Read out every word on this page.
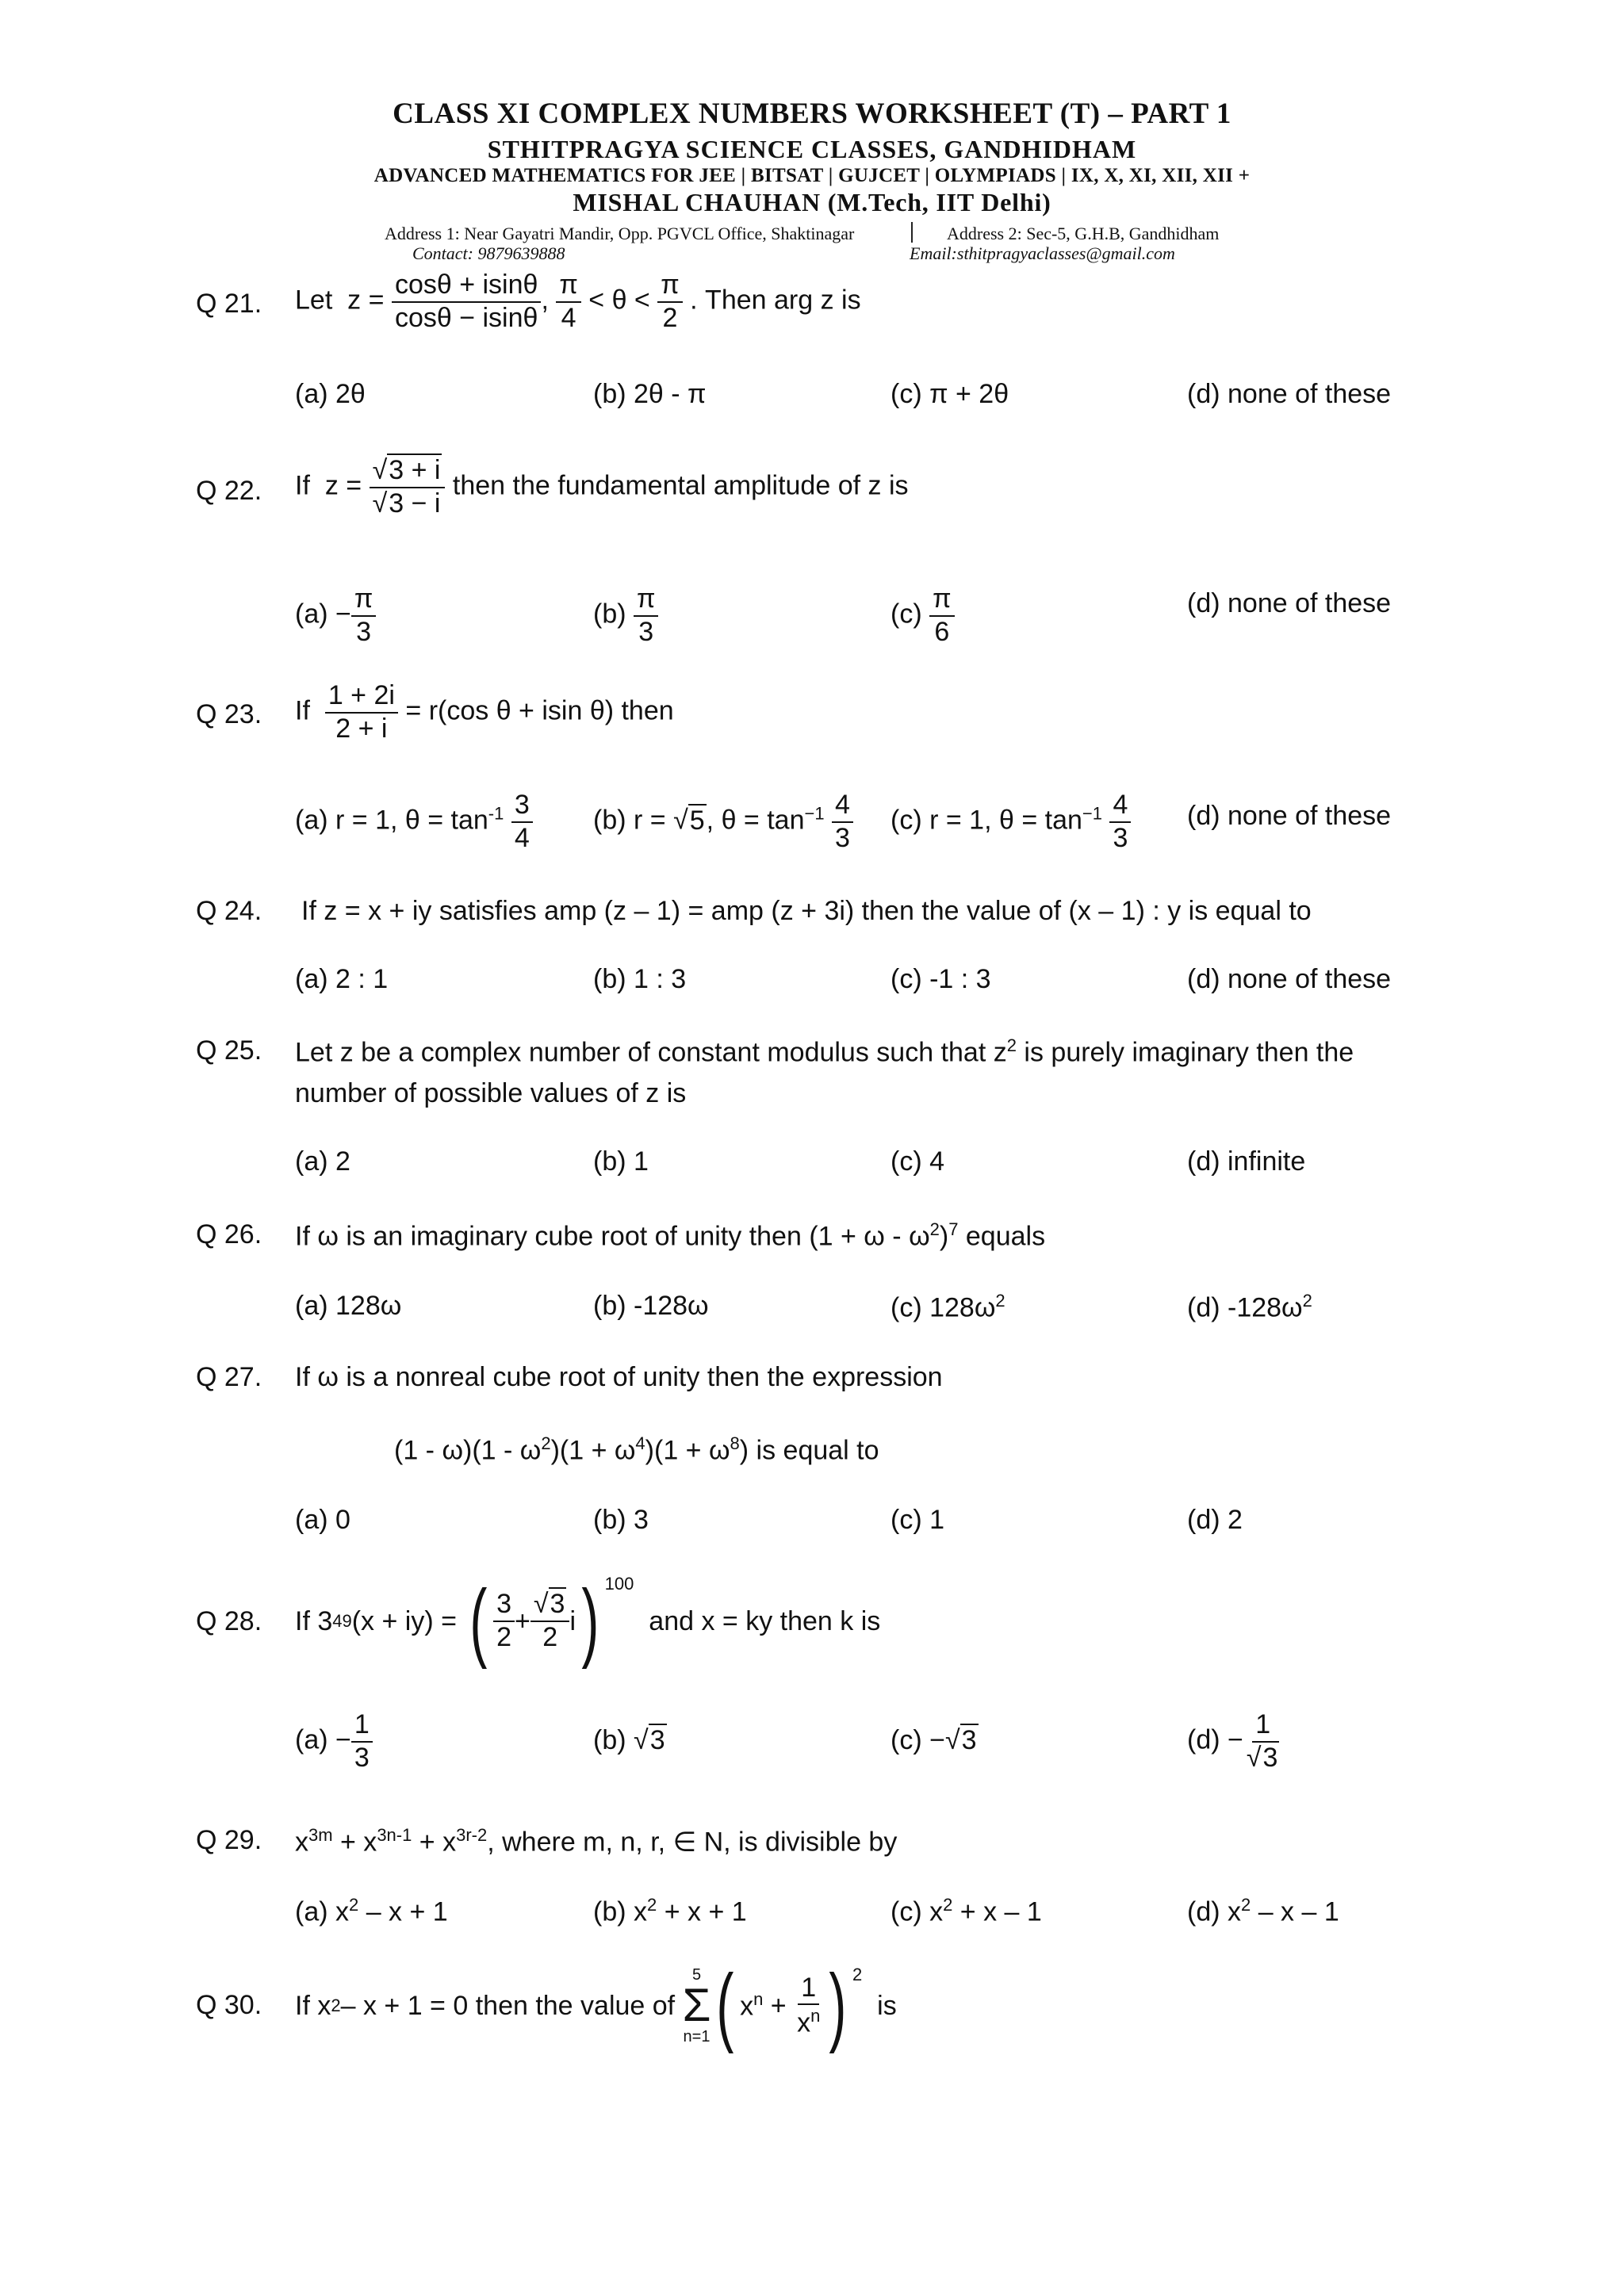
CLASS XI COMPLEX NUMBERS WORKSHEET (T) – PART 1
STHITPRAGYA SCIENCE CLASSES, GANDHIDHAM
ADVANCED MATHEMATICS FOR JEE | BITSAT | GUJCET | OLYMPIADS | IX, X, XI, XII, XII +
MISHAL CHAUHAN (M.Tech, IIT Delhi)
Address 1: Near Gayatri Mandir, Opp. PGVCL Office, Shaktinagar	Address 2: Sec-5, G.H.B, Gandhidham
Contact: 9879639888	Email:sthitpragyaclasses@gmail.com
Q 21. Let $z = \frac{\cos\theta + isin\theta}{\cos\theta - isin\theta}$ , $\frac{\pi}{4} < \theta < \frac{\pi}{2}$ . Then arg z is
(a) 2θ	(b) 2θ - π	(c) π + 2θ	(d) none of these
Q 22. If $z = \frac{√3 + i}{√3 - i}$ then the fundamental amplitude of z is
$(a) - \frac{\pi}{3}$	$(b) \frac{\pi}{3}$	$(c) \frac{\pi}{6}$	(d) none of these
Q 23. If $\frac{1 + 2i}{2 + i} = r(\cos$ θ + isin θ) then
(a) r = 1, $\theta = \tan^{-1} \frac{3}{4} (b) r = √5$, $\theta = \tan^{-1} \frac{4}{3} (c) r = 1$, $\theta = \tan^{-1} \frac{4}{3} (d)$ none of these
Q 24. If z = x + iy satisfies amp (z – 1) = amp (z + 3i) then the value of (x – 1) : y is equal to
(a) 2 : 1	(b) 1 : 3	(c) -1 : 3	(d) none of these
Q 25. Let z be a complex number of constant modulus such that $z^2$ is purely imaginary then the
number of possible values of z is
(a) 2	(b) 1	(c) 4	(d) infinite
Q 26. If ω is an imaginary cube root of unity then $(1 + \omega - \omega^2)^7$ equals
(a) 128ω	(b) -128ω	(c) $128\omega^2$	(d) $-128\omega^2$
Q 27. If ω is a nonreal cube root of unity then the expression
$(1 - \omega)(1 - \omega^2)(1 + \omega^4)(1 + \omega^8)$ is equal to
(a) 0	(b) 3	(c) 1	(d) 2
Q 28. If 3 49 (x + iy) =
( $\frac{3}{2} + \frac{√3}{2}$ i ) $^{100}$

and x = ky then k is
$(a) - \frac{1}{3}$	(b) √3	(c) −√3	$(d) - \frac{1}{√3}$
Q 29. $x^{3m} + x^{3n-1} + x^{3r-2}$, where m, n, r, ∈ N, is divisible by
(a) $x^2 - x + 1$	(b) $x^2 + x + 1$	(c) $x^2 + x - 1$	(d) $x^2$ – x – 1
Q 30. If x 2 – x + 1 = 0 then the value of

5
Σ
n=1 ( $x^n$
+
$\frac{1}{x^n}$ ) $^2$

is
